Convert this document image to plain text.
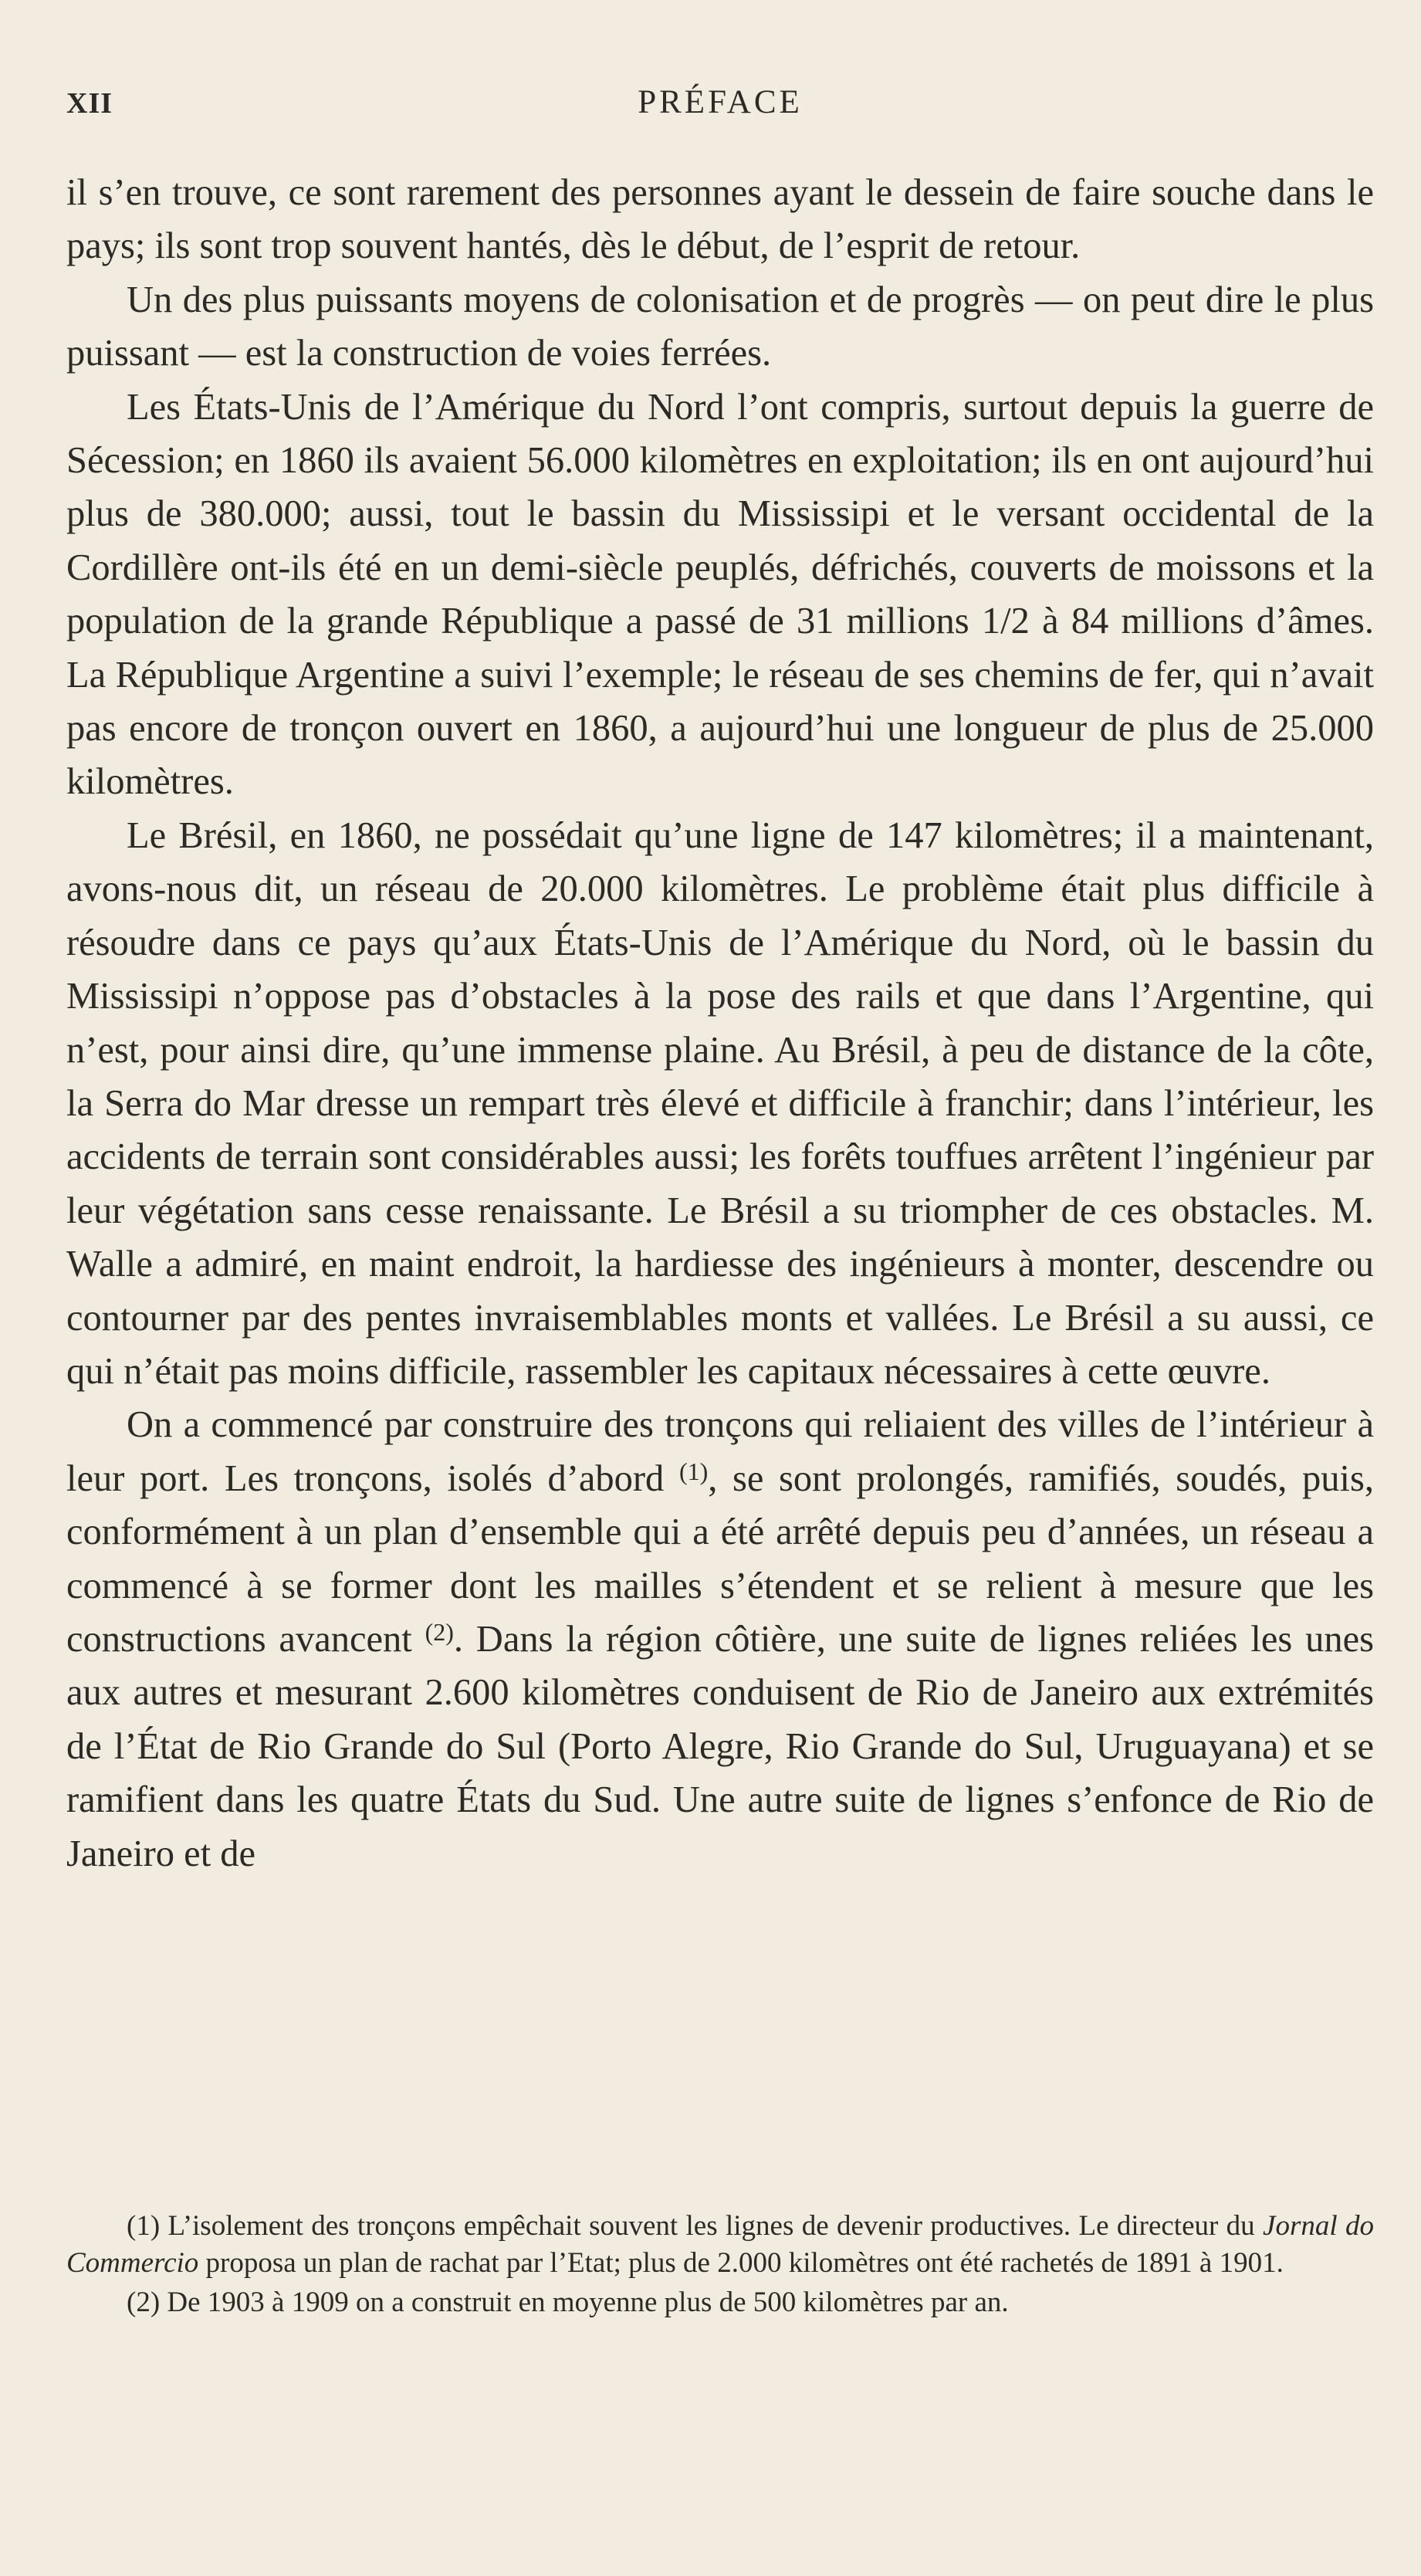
XII	PRÉFACE

il s’en trouve, ce sont rarement des personnes ayant le dessein de faire souche dans le pays; ils sont trop souvent hantés, dès le début, de l’esprit de retour.

Un des plus puissants moyens de colonisation et de progrès — on peut dire le plus puissant — est la construction de voies ferrées.

Les États-Unis de l’Amérique du Nord l’ont compris, surtout depuis la guerre de Sécession; en 1860 ils avaient 56.000 kilomètres en exploitation; ils en ont aujourd’hui plus de 380.000; aussi, tout le bassin du Mississipi et le versant occidental de la Cordillère ont-ils été en un demi-siècle peuplés, défrichés, couverts de moissons et la population de la grande République a passé de 31 millions 1/2 à 84 millions d’âmes. La République Argentine a suivi l’exemple; le réseau de ses chemins de fer, qui n’avait pas encore de tronçon ouvert en 1860, a aujourd’hui une longueur de plus de 25.000 kilomètres.

Le Brésil, en 1860, ne possédait qu’une ligne de 147 kilomètres; il a maintenant, avons-nous dit, un réseau de 20.000 kilomètres. Le problème était plus difficile à résoudre dans ce pays qu’aux États-Unis de l’Amérique du Nord, où le bassin du Mississipi n’oppose pas d’obstacles à la pose des rails et que dans l’Argentine, qui n’est, pour ainsi dire, qu’une immense plaine. Au Brésil, à peu de distance de la côte, la Serra do Mar dresse un rempart très élevé et difficile à franchir; dans l’intérieur, les accidents de terrain sont considérables aussi; les forêts touffues arrêtent l’ingénieur par leur végétation sans cesse renaissante. Le Brésil a su triompher de ces obstacles. M. Walle a admiré, en maint endroit, la hardiesse des ingénieurs à monter, descendre ou contourner par des pentes invraisemblables monts et vallées. Le Brésil a su aussi, ce qui n’était pas moins difficile, rassembler les capitaux nécessaires à cette œuvre.

On a commencé par construire des tronçons qui reliaient des villes de l’intérieur à leur port. Les tronçons, isolés d’abord $^{(1)}$, se sont prolongés, ramifiés, soudés, puis, conformément à un plan d’ensemble qui a été arrêté depuis peu d’années, un réseau a commencé à se former dont les mailles s’étendent et se relient à mesure que les constructions avancent $^{(2)}$. Dans la région côtière, une suite de lignes reliées les unes aux autres et mesurant 2.600 kilomètres conduisent de Rio de Janeiro aux extrémités de l’État de Rio Grande do Sul (Porto Alegre, Rio Grande do Sul, Uruguayana) et se ramifient dans les quatre États du Sud. Une autre suite de lignes s’enfonce de Rio de Janeiro et de

(1) L’isolement des tronçons empêchait souvent les lignes de devenir productives. Le directeur du Jornal do Commercio proposa un plan de rachat par l’Etat; plus de 2.000 kilomètres ont été rachetés de 1891 à 1901.

(2) De 1903 à 1909 on a construit en moyenne plus de 500 kilomètres par an.
